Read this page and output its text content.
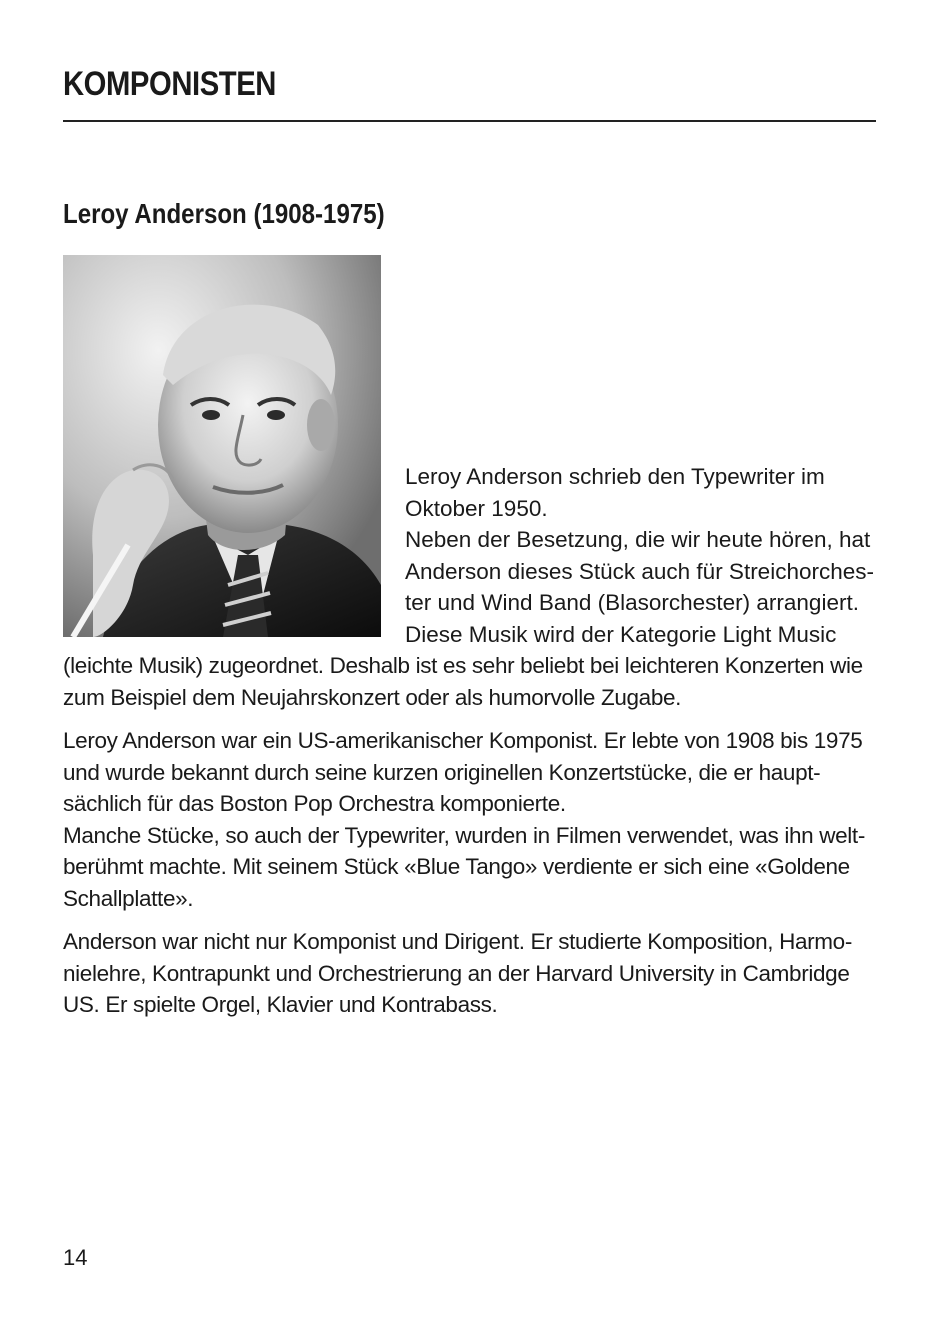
KOMPONISTEN
Leroy Anderson (1908-1975)

Leroy Anderson schrieb den Typewriter im
Oktober 1950.
Neben der Besetzung, die wir heute hören, hat
Anderson dieses Stück auch für Streichorches-
ter und Wind Band (Blasorchester) arrangiert.
Diese Musik wird der Kategorie Light Music (leichte Musik) zugeordnet. Deshalb ist es sehr beliebt bei leichteren Konzerten wie zum Beispiel dem Neujahrskonzert oder als humorvolle Zugabe.

Leroy Anderson war ein US-amerikanischer Komponist. Er lebte von 1908 bis 1975 und wurde bekannt durch seine kurzen originellen Konzertstücke, die er haupt-sächlich für das Boston Pop Orchestra komponierte.

Manche Stücke, so auch der Typewriter, wurden in Filmen verwendet, was ihn welt-berühmt machte. Mit seinem Stück «Blue Tango» verdiente er sich eine «Goldene Schallplatte».

Anderson war nicht nur Komponist und Dirigent. Er studierte Komposition, Harmo-nielehre, Kontrapunkt und Orchestrierung an der Harvard University in Cambridge US. Er spielte Orgel, Klavier und Kontrabass.

14
